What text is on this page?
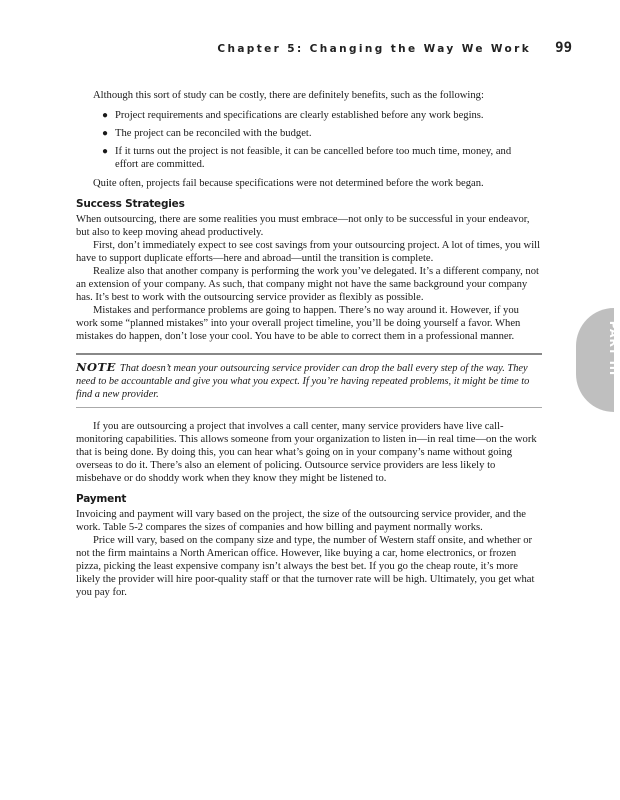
Chapter 5: Changing the Way We Work 99
PART III

Although this sort of study can be costly, there are definitely benefits, such as the following:

● Project requirements and specifications are clearly established before any work begins.
● The project can be reconciled with the budget.
● If it turns out the project is not feasible, it can be cancelled before too much time, money, and effort are committed.

Quite often, projects fail because specifications were not determined before the work began.

Success Strategies

When outsourcing, there are some realities you must embrace—not only to be successful in your endeavor, but also to keep moving ahead productively.

First, don’t immediately expect to see cost savings from your outsourcing project. A lot of times, you will have to support duplicate efforts—here and abroad—until the transition is complete.

Realize also that another company is performing the work you’ve delegated. It’s a different company, not an extension of your company. As such, that company might not have the same background your company has. It’s best to work with the outsourcing service provider as flexibly as possible.

Mistakes and performance problems are going to happen. There’s no way around it. However, if you work some “planned mistakes” into your overall project timeline, you’ll be doing yourself a favor. When mistakes do happen, don’t lose your cool. You have to be able to correct them in a professional manner.

NOTE That doesn’t mean your outsourcing service provider can drop the ball every step of the way. They need to be accountable and give you what you expect. If you’re having repeated problems, it might be time to find a new provider.

If you are outsourcing a project that involves a call center, many service providers have live call-monitoring capabilities. This allows someone from your organization to listen in—in real time—on the work that is being done. By doing this, you can hear what’s going on in your company’s name without going overseas to do it. There’s also an element of policing. Outsource service providers are less likely to misbehave or do shoddy work when they know they might be listened to.

Payment

Invoicing and payment will vary based on the project, the size of the outsourcing service provider, and the work. Table 5-2 compares the sizes of companies and how billing and payment normally works.

Price will vary, based on the company size and type, the number of Western staff onsite, and whether or not the firm maintains a North American office. However, like buying a car, home electronics, or frozen pizza, picking the least expensive company isn’t always the best bet. If you go the cheap route, it’s more likely the provider will hire poor-quality staff or that the turnover rate will be high. Ultimately, you get what you pay for.
